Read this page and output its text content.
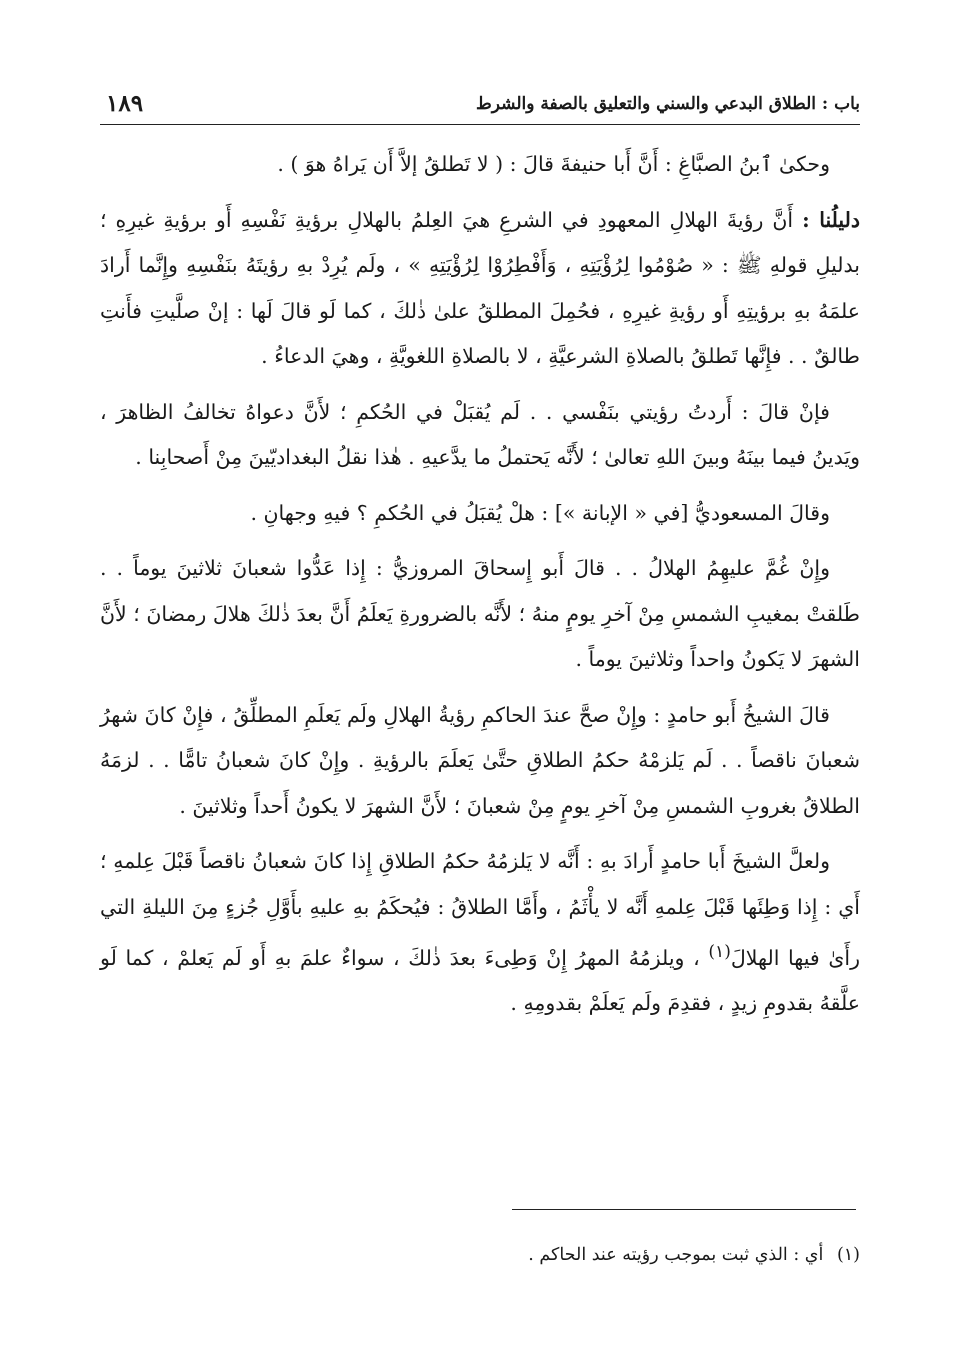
باب : الطلاق البدعي والسني والتعليق بالصفة والشرط
١٨٩

وحكىٰ ٱبنُ الصبَّاغِ : أَنَّ أَبا حنيفةَ قالَ : ( لا تَطلقُ إلاَّ أَن يَراهُ هوَ ) .

دليلُنا : أَنَّ رؤيةَ الهلالِ المعهودِ في الشرعِ هيَ العِلمُ بالهلالِ برؤيةِ نَفْسِهِ أَو برؤيةِ غيرِهِ ؛ بدليلِ قولهِ ﷺ : « صُوْمُوا لِرُؤْيَتِهِ ، وَأَفْطِرُوْا لِرُؤْيَتِهِ » ، ولَم يُرِدْ بهِ رؤيتَهُ بنَفْسِهِ وإِنَّما أَرادَ علمَهُ بهِ برؤيتِهِ أَو رؤيةِ غيرِهِ ، فحُمِلَ المطلقُ علىٰ ذٰلكَ ، كما لَو قالَ لَها : إنْ صلَّيتِ فأَنتِ طالقٌ . . فإِنَّها تَطلقُ بالصلاةِ الشرعيَّةِ ، لا بالصلاةِ اللغويَّةِ ، وهيَ الدعاءُ .

فإنْ قالَ : أَردتُ رؤيتي بنَفْسي . . لَم يُقبَلْ في الحُكمِ ؛ لأَنَّ دعواهُ تخالفُ الظاهرَ ، ويَدينُ فيما بينَهُ وبينَ اللهِ تعالىٰ ؛ لأَنَّه يَحتملُ ما يدَّعيهِ . هٰذا نقلُ البغداديّينَ مِنْ أَصحابِنا .

وقالَ المسعوديُّ [في « الإبانة »] : هلْ يُقبَلُ في الحُكمِ ؟ فيهِ وجهانِ .

وإِنْ غُمَّ عليهِمُ الهلالُ . . قالَ أَبو إِسحاقَ المروزيُّ : إِذا عَدُّوا شعبانَ ثلاثينَ يوماً . . طَلقتْ بمغيبِ الشمسِ مِنْ آخرِ يومٍ منهُ ؛ لأَنَّه بالضرورةِ يَعلَمُ أَنَّ بعدَ ذٰلكَ هلالَ رمضانَ ؛ لأَنَّ الشهرَ لا يَكونُ واحداً وثلاثينَ يوماً .

قالَ الشيخُ أَبو حامدٍ : وإِنْ صحَّ عندَ الحاكمِ رؤيةُ الهلالِ ولَم يَعلَمِ المطلِّقُ ، فإِنْ كانَ شهرُ شعبانَ ناقصاً . . لَم يَلزمْهُ حكمُ الطلاقِ حتَّىٰ يَعلَمَ بالرؤيةِ . وإِنْ كانَ شعبانُ تامًّا . . لزمَهُ الطلاقُ بغروبِ الشمسِ مِنْ آخرِ يومٍ مِنْ شعبانَ ؛ لأَنَّ الشهرَ لا يكونُ أَحداً وثلاثينَ .

ولعلَّ الشيخَ أَبا حامدٍ أَرادَ بهِ : أَنَّه لا يَلزمُهُ حكمُ الطلاقِ إِذا كانَ شعبانُ ناقصاً قَبْلَ عِلمهِ ؛ أَي : إِذا وَطِئَها قَبْلَ عِلمهِ أَنَّه لا يأْثَمُ ، وأَمَّا الطلاقُ : فيُحكَمُ بهِ عليهِ بأَوَّلِ جُزءٍ مِنَ الليلةِ التي رأَىٰ فيها الهلالَ$^{(١)}$ ، ويلزمُهُ المهرُ إِنْ وَطِىءَ بعدَ ذٰلكَ ، سواءٌ علمَ بهِ أَو لَم يَعلمْ ، كما لَو علَّقهُ بقدومِ زيدٍ ، فقدِمَ ولَم يَعلَمْ بقدومِهِ .

(١) أي : الذي ثبت بموجب رؤيته عند الحاكم .
